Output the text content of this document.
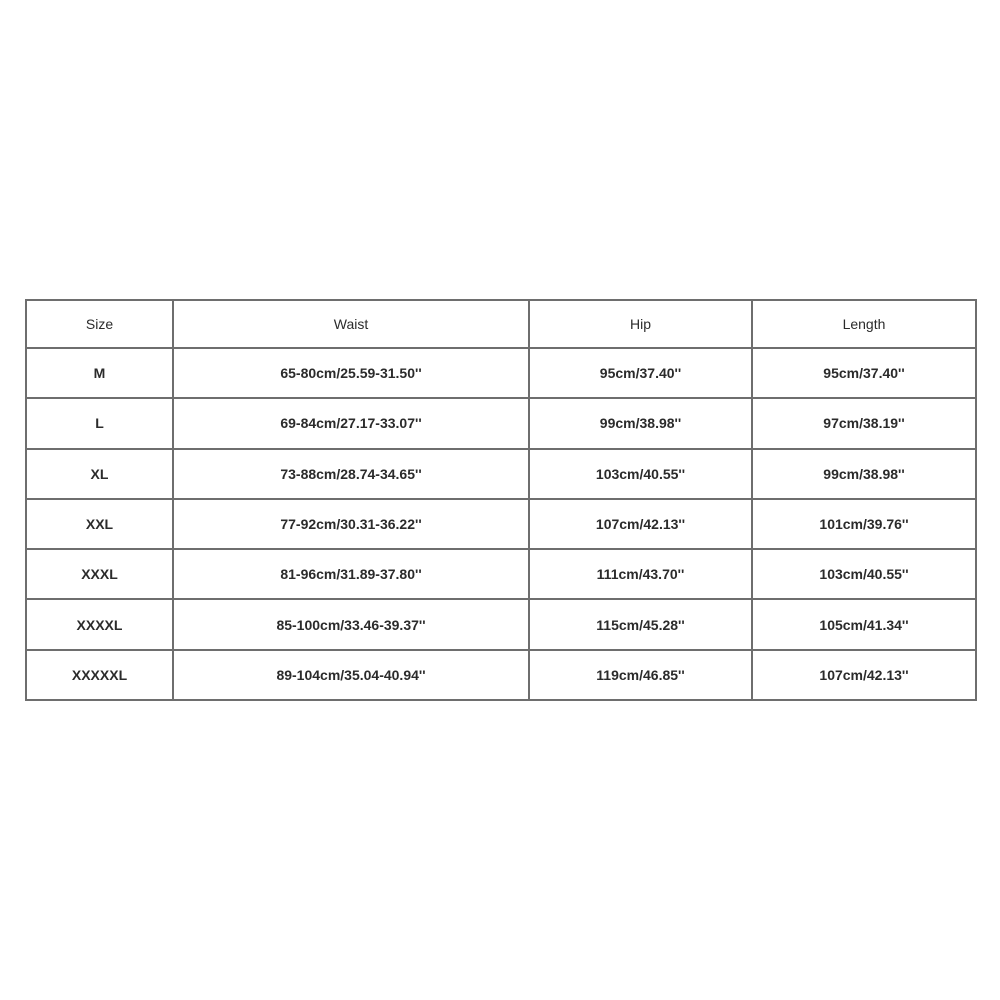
Size	Waist	Hip	Length
M	65-80cm/25.59-31.50''	95cm/37.40''	95cm/37.40''
L	69-84cm/27.17-33.07''	99cm/38.98''	97cm/38.19''
XL	73-88cm/28.74-34.65''	103cm/40.55''	99cm/38.98''
XXL	77-92cm/30.31-36.22''	107cm/42.13''	101cm/39.76''
XXXL	81-96cm/31.89-37.80''	111cm/43.70''	103cm/40.55''
XXXXL	85-100cm/33.46-39.37''	115cm/45.28''	105cm/41.34''
XXXXXL	89-104cm/35.04-40.94''	119cm/46.85''	107cm/42.13''
